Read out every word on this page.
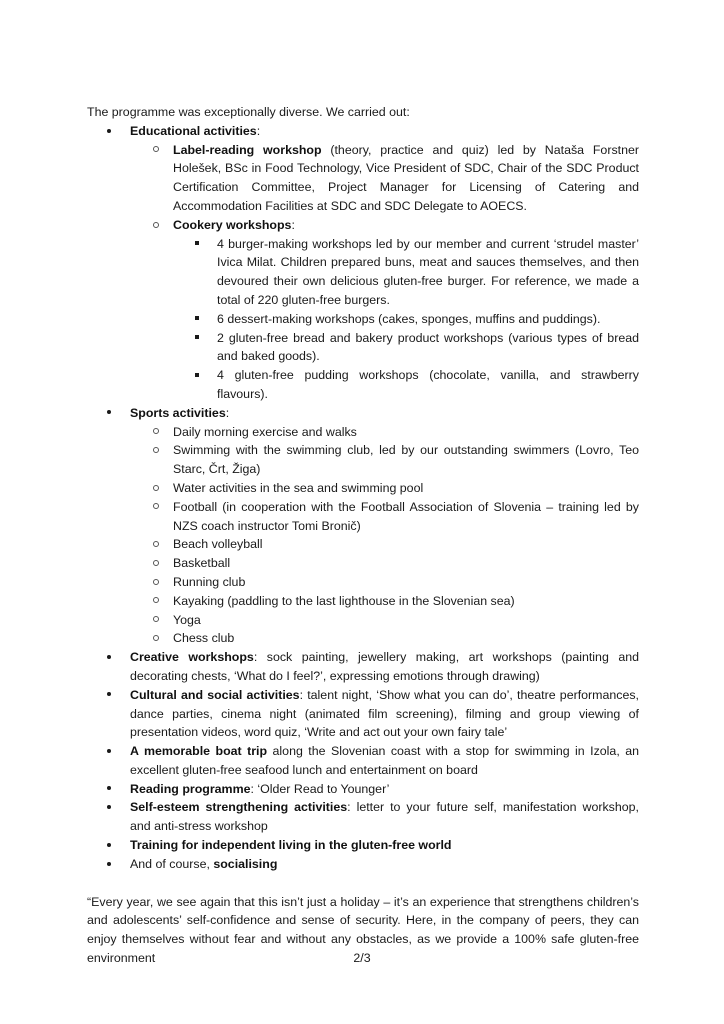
The programme was exceptionally diverse. We carried out:

Educational activities:
Label-reading workshop (theory, practice and quiz) led by Nataša Forstner Holešek, BSc in Food Technology, Vice President of SDC, Chair of the SDC Product Certification Committee, Project Manager for Licensing of Catering and Accommodation Facilities at SDC and SDC Delegate to AOECS.
Cookery workshops:
4 burger-making workshops led by our member and current ‘strudel master’ Ivica Milat. Children prepared buns, meat and sauces themselves, and then devoured their own delicious gluten-free burger. For reference, we made a total of 220 gluten-free burgers.
6 dessert-making workshops (cakes, sponges, muffins and puddings).
2 gluten-free bread and bakery product workshops (various types of bread and baked goods).
4 gluten-free pudding workshops (chocolate, vanilla, and strawberry flavours).
Sports activities:
Daily morning exercise and walks
Swimming with the swimming club, led by our outstanding swimmers (Lovro, Teo Starc, Črt, Žiga)
Water activities in the sea and swimming pool
Football (in cooperation with the Football Association of Slovenia – training led by NZS coach instructor Tomi Bronič)
Beach volleyball
Basketball
Running club
Kayaking (paddling to the last lighthouse in the Slovenian sea)
Yoga
Chess club
Creative workshops: sock painting, jewellery making, art workshops (painting and decorating chests, ‘What do I feel?’, expressing emotions through drawing)
Cultural and social activities: talent night, ‘Show what you can do’, theatre performances, dance parties, cinema night (animated film screening), filming and group viewing of presentation videos, word quiz, ‘Write and act out your own fairy tale’
A memorable boat trip along the Slovenian coast with a stop for swimming in Izola, an excellent gluten-free seafood lunch and entertainment on board
Reading programme: ‘Older Read to Younger’
Self-esteem strengthening activities: letter to your future self, manifestation workshop, and anti-stress workshop
Training for independent living in the gluten-free world
And of course, socialising

“Every year, we see again that this isn’t just a holiday – it’s an experience that strengthens children’s and adolescents’ self-confidence and sense of security. Here, in the company of peers, they can enjoy themselves without fear and without any obstacles, as we provide a 100% safe gluten-free environment	2/3
